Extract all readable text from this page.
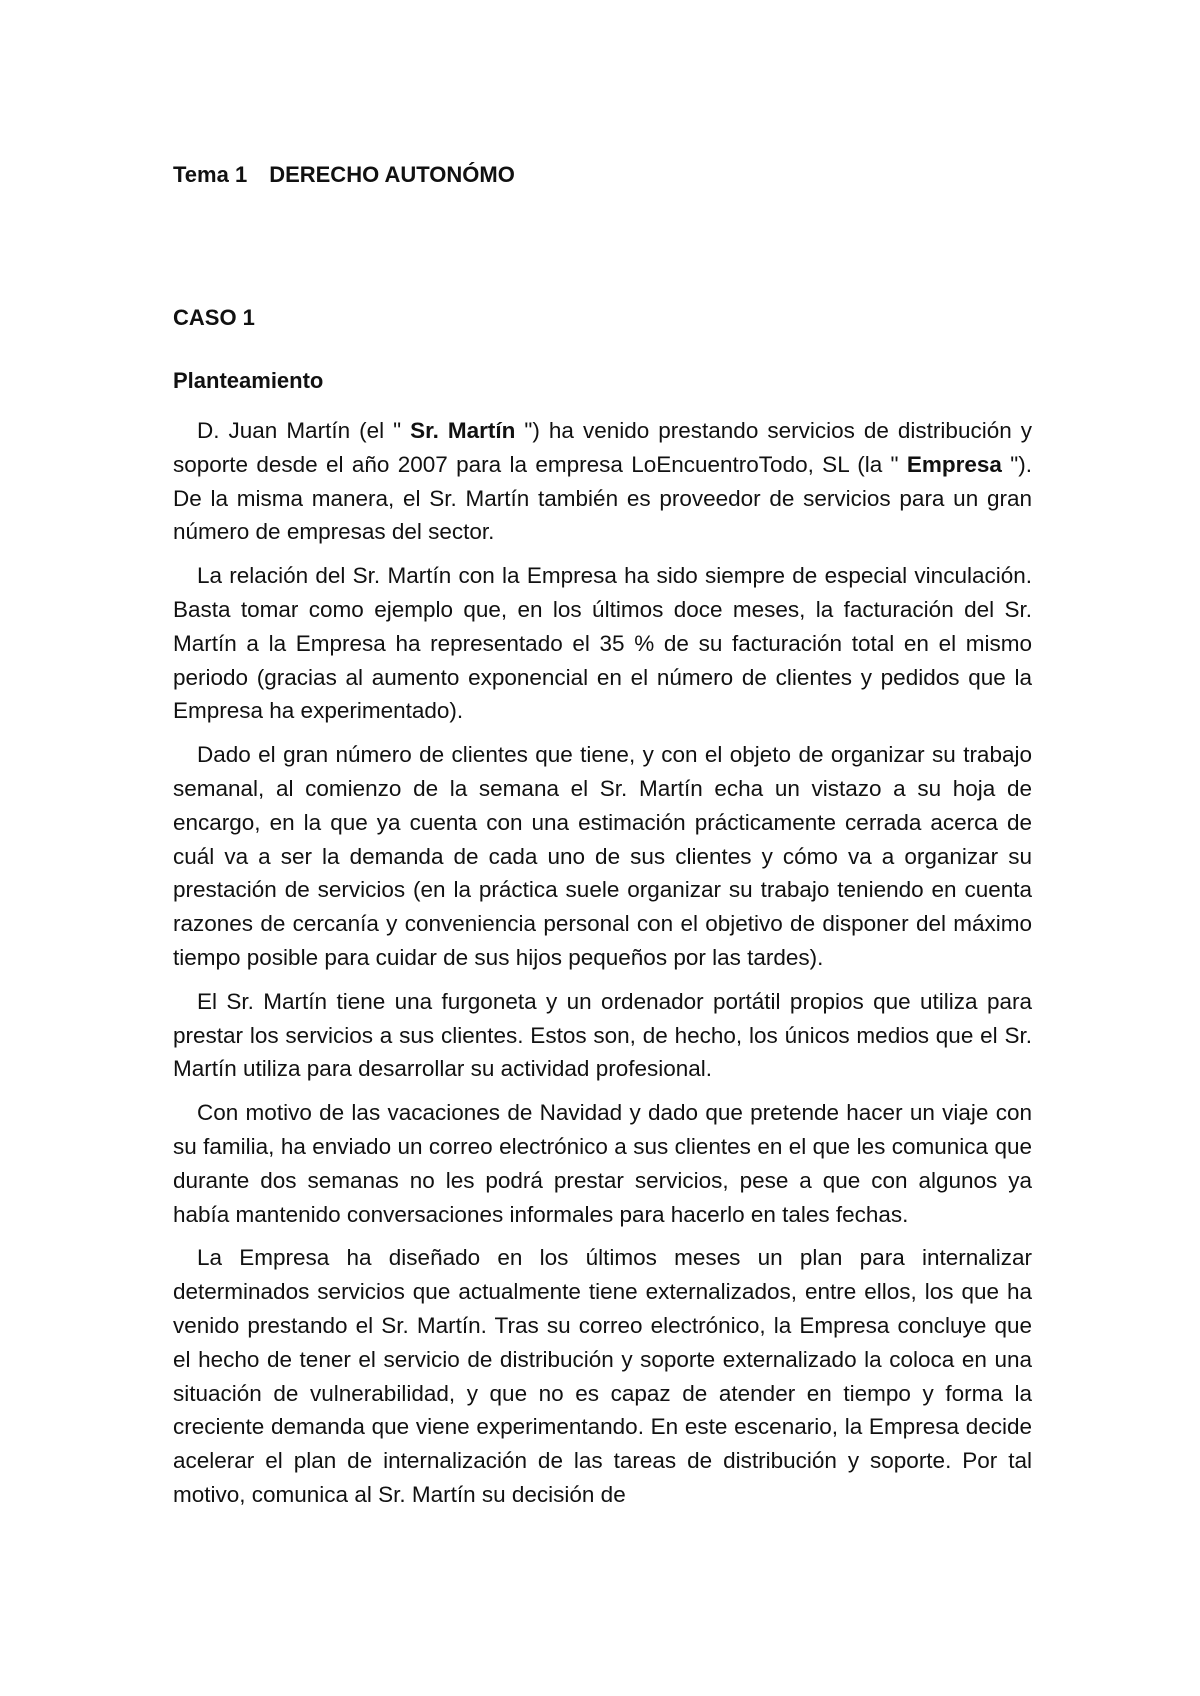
Tema 1 DERECHO AUTONÓMO
CASO 1
Planteamiento

D. Juan Martín (el " Sr. Martín ") ha venido prestando servicios de distribución y soporte desde el año 2007 para la empresa LoEncuentroTodo, SL (la " Empresa "). De la misma manera, el Sr. Martín también es proveedor de servicios para un gran número de empresas del sector.

La relación del Sr. Martín con la Empresa ha sido siempre de especial vinculación. Basta tomar como ejemplo que, en los últimos doce meses, la facturación del Sr. Martín a la Empresa ha representado el 35 % de su facturación total en el mismo periodo (gracias al aumento exponencial en el número de clientes y pedidos que la Empresa ha experimentado).

Dado el gran número de clientes que tiene, y con el objeto de organizar su trabajo semanal, al comienzo de la semana el Sr. Martín echa un vistazo a su hoja de encargo, en la que ya cuenta con una estimación prácticamente cerrada acerca de cuál va a ser la demanda de cada uno de sus clientes y cómo va a organizar su prestación de servicios (en la práctica suele organizar su trabajo teniendo en cuenta razones de cercanía y conveniencia personal con el objetivo de disponer del máximo tiempo posible para cuidar de sus hijos pequeños por las tardes).

El Sr. Martín tiene una furgoneta y un ordenador portátil propios que utiliza para prestar los servicios a sus clientes. Estos son, de hecho, los únicos medios que el Sr. Martín utiliza para desarrollar su actividad profesional.

Con motivo de las vacaciones de Navidad y dado que pretende hacer un viaje con su familia, ha enviado un correo electrónico a sus clientes en el que les comunica que durante dos semanas no les podrá prestar servicios, pese a que con algunos ya había mantenido conversaciones informales para hacerlo en tales fechas.

La Empresa ha diseñado en los últimos meses un plan para internalizar determinados servicios que actualmente tiene externalizados, entre ellos, los que ha venido prestando el Sr. Martín. Tras su correo electrónico, la Empresa concluye que el hecho de tener el servicio de distribución y soporte externalizado la coloca en una situación de vulnerabilidad, y que no es capaz de atender en tiempo y forma la creciente demanda que viene experimentando. En este escenario, la Empresa decide acelerar el plan de internalización de las tareas de distribución y soporte. Por tal motivo, comunica al Sr. Martín su decisión de
